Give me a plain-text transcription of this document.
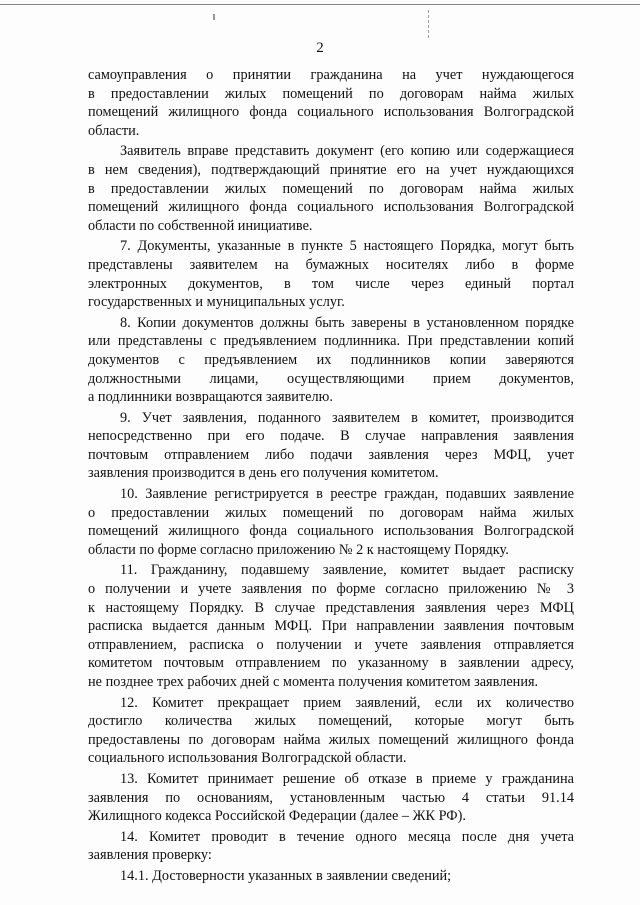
2

самоуправления о принятии гражданина на учет нуждающегося
в предоставлении жилых помещений по договорам найма жилых
помещений жилищного фонда социального использования Волгоградской
области.

Заявитель вправе представить документ (его копию или содержащиеся
в нем сведения), подтверждающий принятие его на учет нуждающихся
в предоставлении жилых помещений по договорам найма жилых
помещений жилищного фонда социального использования Волгоградской
области по собственной инициативе.

7. Документы, указанные в пункте 5 настоящего Порядка, могут быть
представлены заявителем на бумажных носителях либо в форме
электронных документов, в том числе через единый портал
государственных и муниципальных услуг.

8. Копии документов должны быть заверены в установленном порядке
или представлены с предъявлением подлинника. При представлении копий
документов с предъявлением их подлинников копии заверяются
должностными лицами, осуществляющими прием документов,
а подлинники возвращаются заявителю.

9. Учет заявления, поданного заявителем в комитет, производится
непосредственно при его подаче. В случае направления заявления
почтовым отправлением либо подачи заявления через МФЦ, учет
заявления производится в день его получения комитетом.

10. Заявление регистрируется в реестре граждан, подавших заявление
о предоставлении жилых помещений по договорам найма жилых
помещений жилищного фонда социального использования Волгоградской
области по форме согласно приложению № 2 к настоящему Порядку.

11. Гражданину, подавшему заявление, комитет выдает расписку
о получении и учете заявления по форме согласно приложению № 3
к настоящему Порядку. В случае представления заявления через МФЦ
расписка выдается данным МФЦ. При направлении заявления почтовым
отправлением, расписка о получении и учете заявления отправляется
комитетом почтовым отправлением по указанному в заявлении адресу,
не позднее трех рабочих дней с момента получения комитетом заявления.

12. Комитет прекращает прием заявлений, если их количество
достигло количества жилых помещений, которые могут быть
предоставлены по договорам найма жилых помещений жилищного фонда
социального использования Волгоградской области.

13. Комитет принимает решение об отказе в приеме у гражданина
заявления по основаниям, установленным частью 4 статьи 91.14
Жилищного кодекса Российской Федерации (далее – ЖК РФ).

14. Комитет проводит в течение одного месяца после дня учета
заявления проверку:

14.1. Достоверности указанных в заявлении сведений;
